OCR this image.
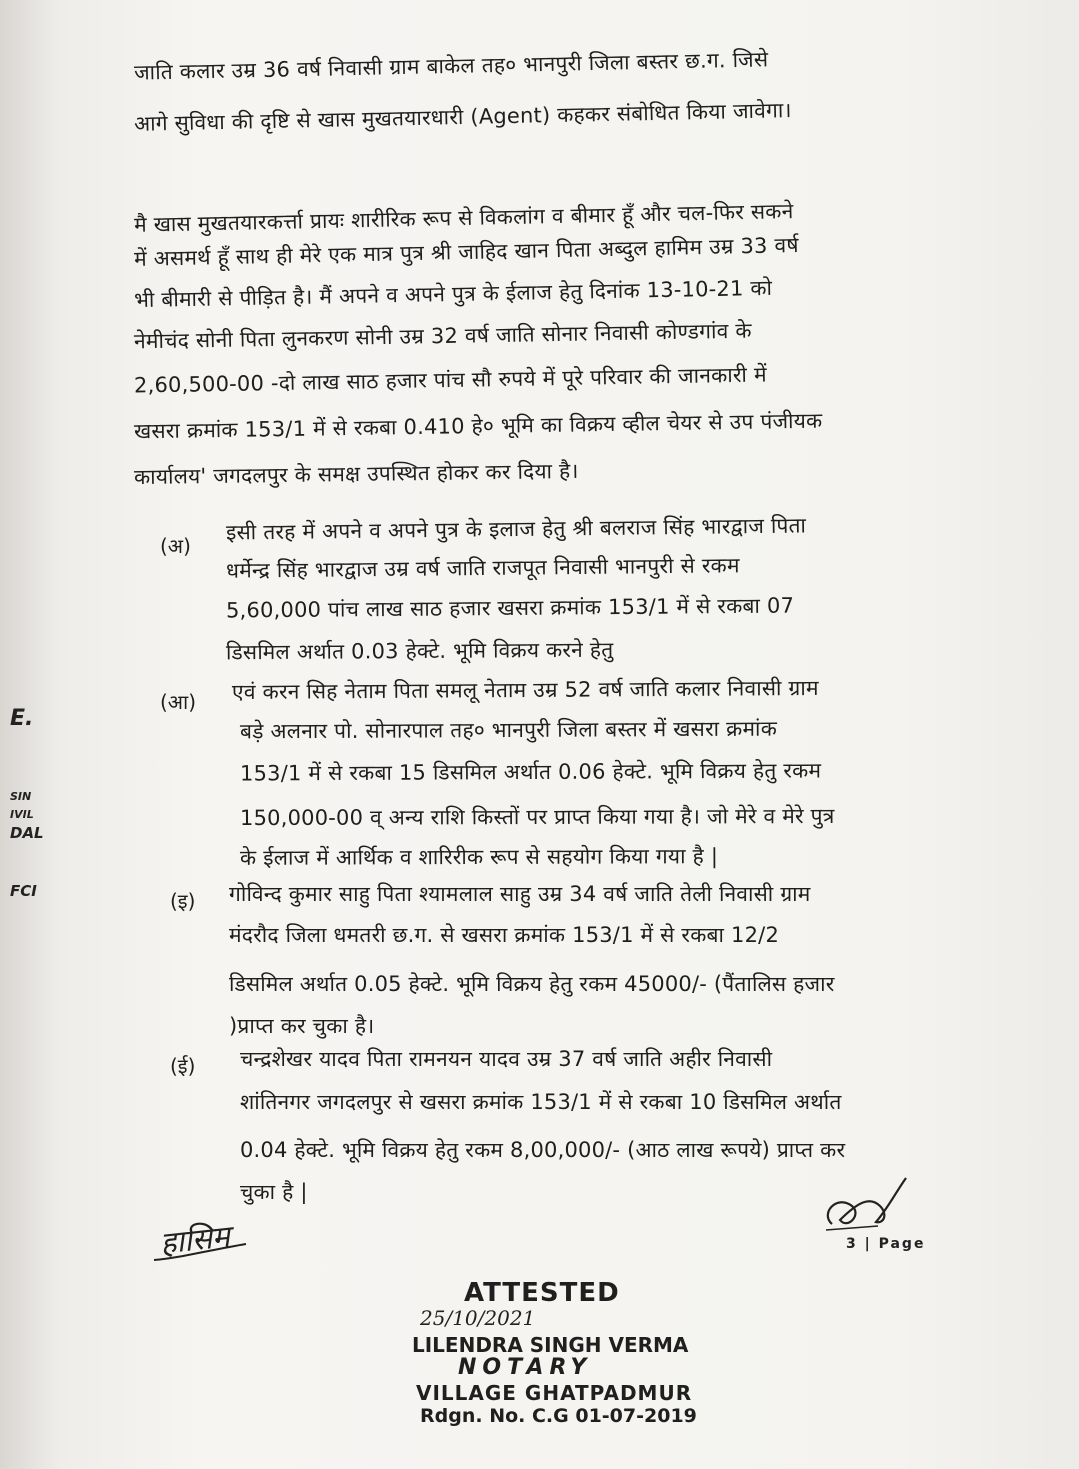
E.
SIN
IVIL
DAL
FCI
जाति कलार उम्र 36 वर्ष निवासी ग्राम बाकेल तह० भानपुरी जिला बस्तर छ.ग. जिसे
आगे सुविधा की दृष्टि से खास मुखतयारधारी (Agent) कहकर संबोधित किया जावेगा।
मै खास मुखतयारकर्त्ता प्रायः शारीरिक रूप से विकलांग व बीमार हूँ और चल-फिर सकने
में असमर्थ हूँ साथ ही मेरे एक मात्र पुत्र श्री जाहिद खान पिता अब्दुल हामिम उम्र 33 वर्ष
भी बीमारी से पीड़ित है। मैं अपने व अपने पुत्र के ईलाज हेतु दिनांक 13-10-21 को
नेमीचंद सोनी पिता लुनकरण सोनी उम्र 32 वर्ष जाति सोनार निवासी कोण्डगांव के
2,60,500-00 -दो लाख साठ हजार पांच सौ रुपये में पूरे परिवार की जानकारी में
खसरा क्रमांक 153/1 में से रकबा 0.410 हे० भूमि का विक्रय व्हील चेयर से उप पंजीयक
कार्यालय' जगदलपुर के समक्ष उपस्थित होकर कर दिया है।
(अ)
इसी तरह में अपने व अपने पुत्र के इलाज हेतु श्री बलराज सिंह भारद्वाज पिता
धर्मेन्द्र सिंह भारद्वाज उम्र वर्ष जाति राजपूत निवासी भानपुरी से रकम
5,60,000 पांच लाख साठ हजार खसरा क्रमांक 153/1 में से रकबा 07
डिसमिल अर्थात 0.03 हेक्टे. भूमि विक्रय करने हेतु
(आ) एवं करन सिह नेताम पिता समलू नेताम उम्र 52 वर्ष जाति कलार निवासी ग्राम
बड़े अलनार पो. सोनारपाल तह० भानपुरी जिला बस्तर में खसरा क्रमांक
153/1 में से रकबा 15 डिसमिल अर्थात 0.06 हेक्टे. भूमि विक्रय हेतु रकम
150,000-00 व् अन्य राशि किस्तों पर प्राप्त किया गया है। जो मेरे व मेरे पुत्र
के ईलाज में आर्थिक व शारिरीक रूप से सहयोग किया गया है |
(इ) गोविन्द कुमार साहु पिता श्यामलाल साहु उम्र 34 वर्ष जाति तेली निवासी ग्राम
मंदरौद जिला धमतरी छ.ग. से खसरा क्रमांक 153/1 में से रकबा 12/2
डिसमिल अर्थात 0.05 हेक्टे. भूमि विक्रय हेतु रकम 45000/- (पैंतालिस हजार
)प्राप्त कर चुका है।
(ई) चन्द्रशेखर यादव पिता रामनयन यादव उम्र 37 वर्ष जाति अहीर निवासी
शांतिनगर जगदलपुर से खसरा क्रमांक 153/1 में से रकबा 10 डिसमिल अर्थात
0.04 हेक्टे. भूमि विक्रय हेतु रकम 8,00,000/- (आठ लाख रूपये) प्राप्त कर
चुका है |
हासिम	3 | Page
ATTESTED
25/10/2021
LILENDRA SINGH VERMA
NOTARY
VILLAGE GHATPADMUR
Rdgn. No. C.G 01-07-2019
